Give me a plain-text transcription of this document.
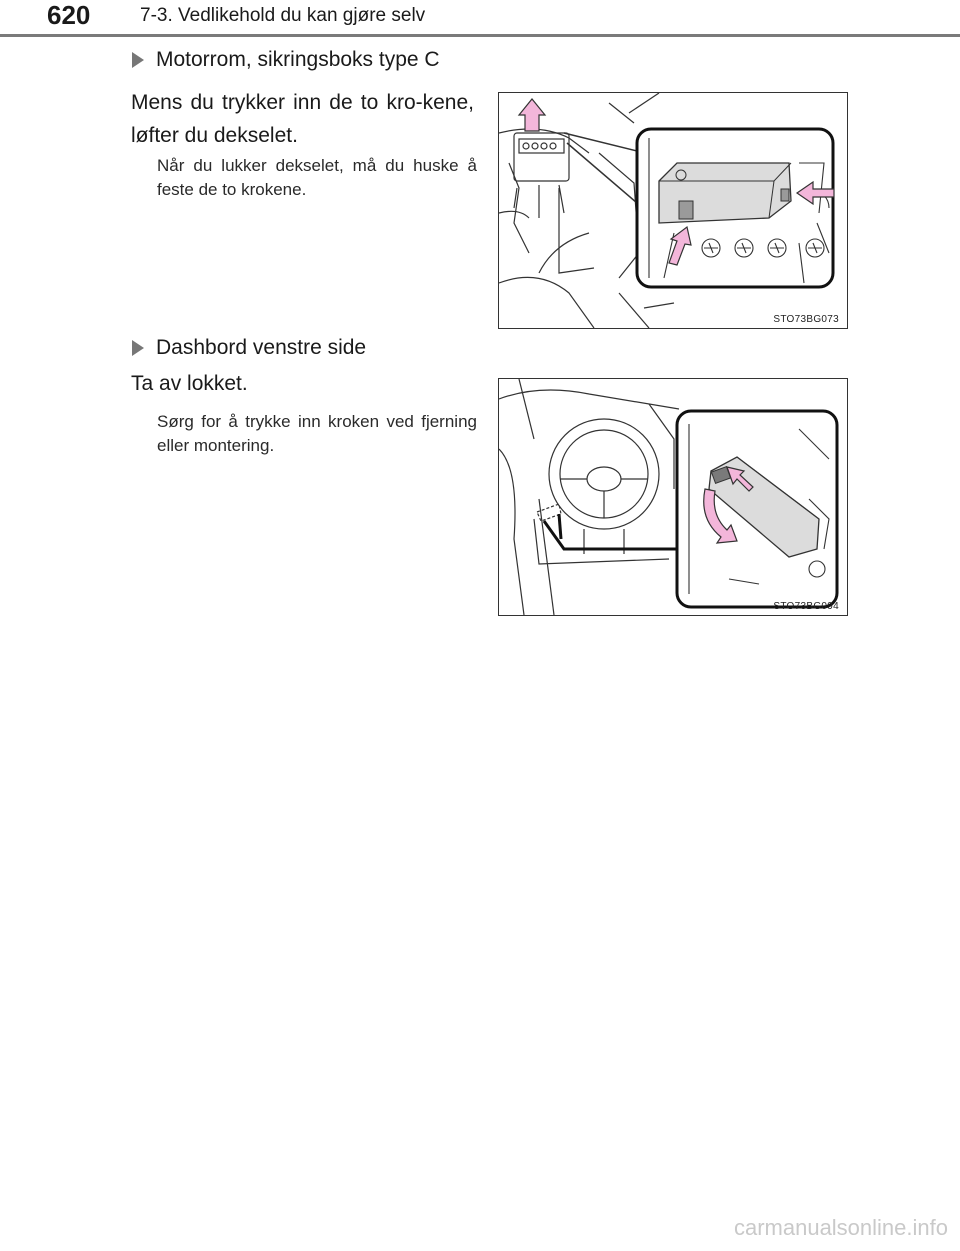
620	7-3. Vedlikehold du kan gjøre selv
Motorrom, sikringsboks type C
Mens du trykker inn de to kro-kene, løfter du dekselet.
Når du lukker dekselet, må du huske å feste de to krokene.
STO73BG073
Dashbord venstre side
Ta av lokket.
Sørg for å trykke inn kroken ved fjerning eller montering.
STO73BG094
carmanualsonline.info
